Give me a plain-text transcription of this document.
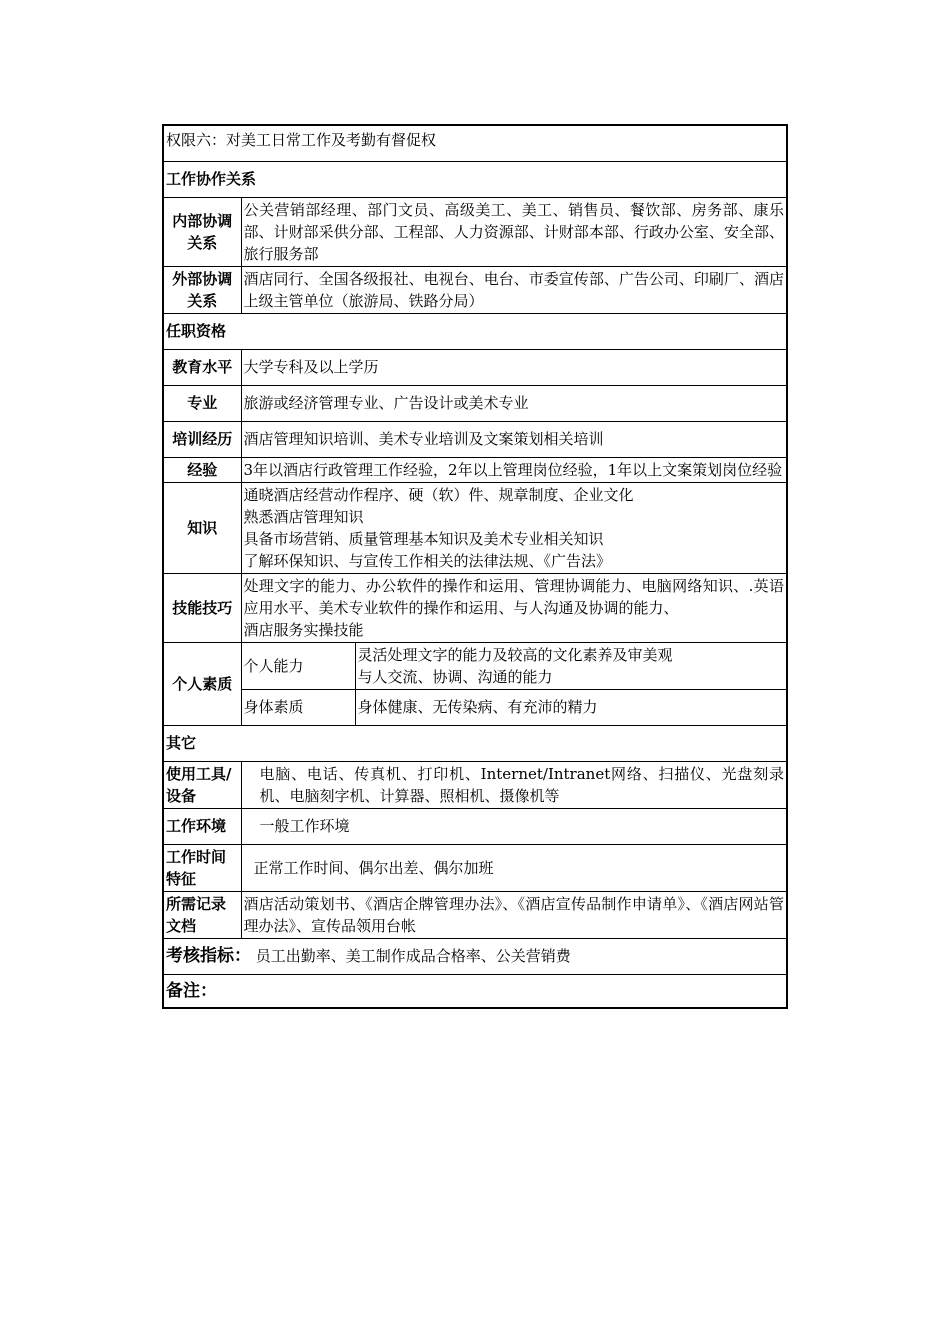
权限六：对美工日常工作及考勤有督促权		
工作协作关系		
内部协调关系	公关营销部经理、部门文员、高级美工、美工、销售员、餐饮部、房务部、康乐部、计财部采供分部、工程部、人力资源部、计财部本部、行政办公室、安全部、旅行服务部	
外部协调关系	酒店同行、全国各级报社、电视台、电台、市委宣传部、广告公司、印刷厂、酒店上级主管单位（旅游局、铁路分局）	
任职资格		
教育水平	大学专科及以上学历	
专业	旅游或经济管理专业、广告设计或美术专业	
培训经历	酒店管理知识培训、美术专业培训及文案策划相关培训	
经验	3年以酒店行政管理工作经验，2年以上管理岗位经验，1年以上文案策划岗位经验	
知识	通晓酒店经营动作程序、硬（软）件、规章制度、企业文化
熟悉酒店管理知识
具备市场营销、质量管理基本知识及美术专业相关知识
了解环保知识、与宣传工作相关的法律法规、《广告法》	

技能技巧	处理文字的能力、办公软件的操作和运用、管理协调能力、电脑网络知识、.英语应用水平、美术专业软件的操作和运用、与人沟通及协调的能力、
酒店服务实操技能	

个人素质	个人能力	灵活处理文字的能力及较高的文化素养及审美观
与人交流、协调、沟通的能力

	身体素质	身体健康、无传染病、有充沛的精力
其它		
使用工具/设备	电脑、电话、传真机、打印机、Internet/Intranet网络、扫描仪、光盘刻录机、电脑刻字机、计算器、照相机、摄像机等	
工作环境	一般工作环境	
工作时间特征	正常工作时间、偶尔出差、偶尔加班	
所需记录文档	酒店活动策划书、《酒店企牌管理办法》、《酒店宣传品制作申请单》、《酒店网站管理办法》、宣传品领用台帐	
考核指标： 员工出勤率、美工制作成品合格率、公关营销费		
备注：		
